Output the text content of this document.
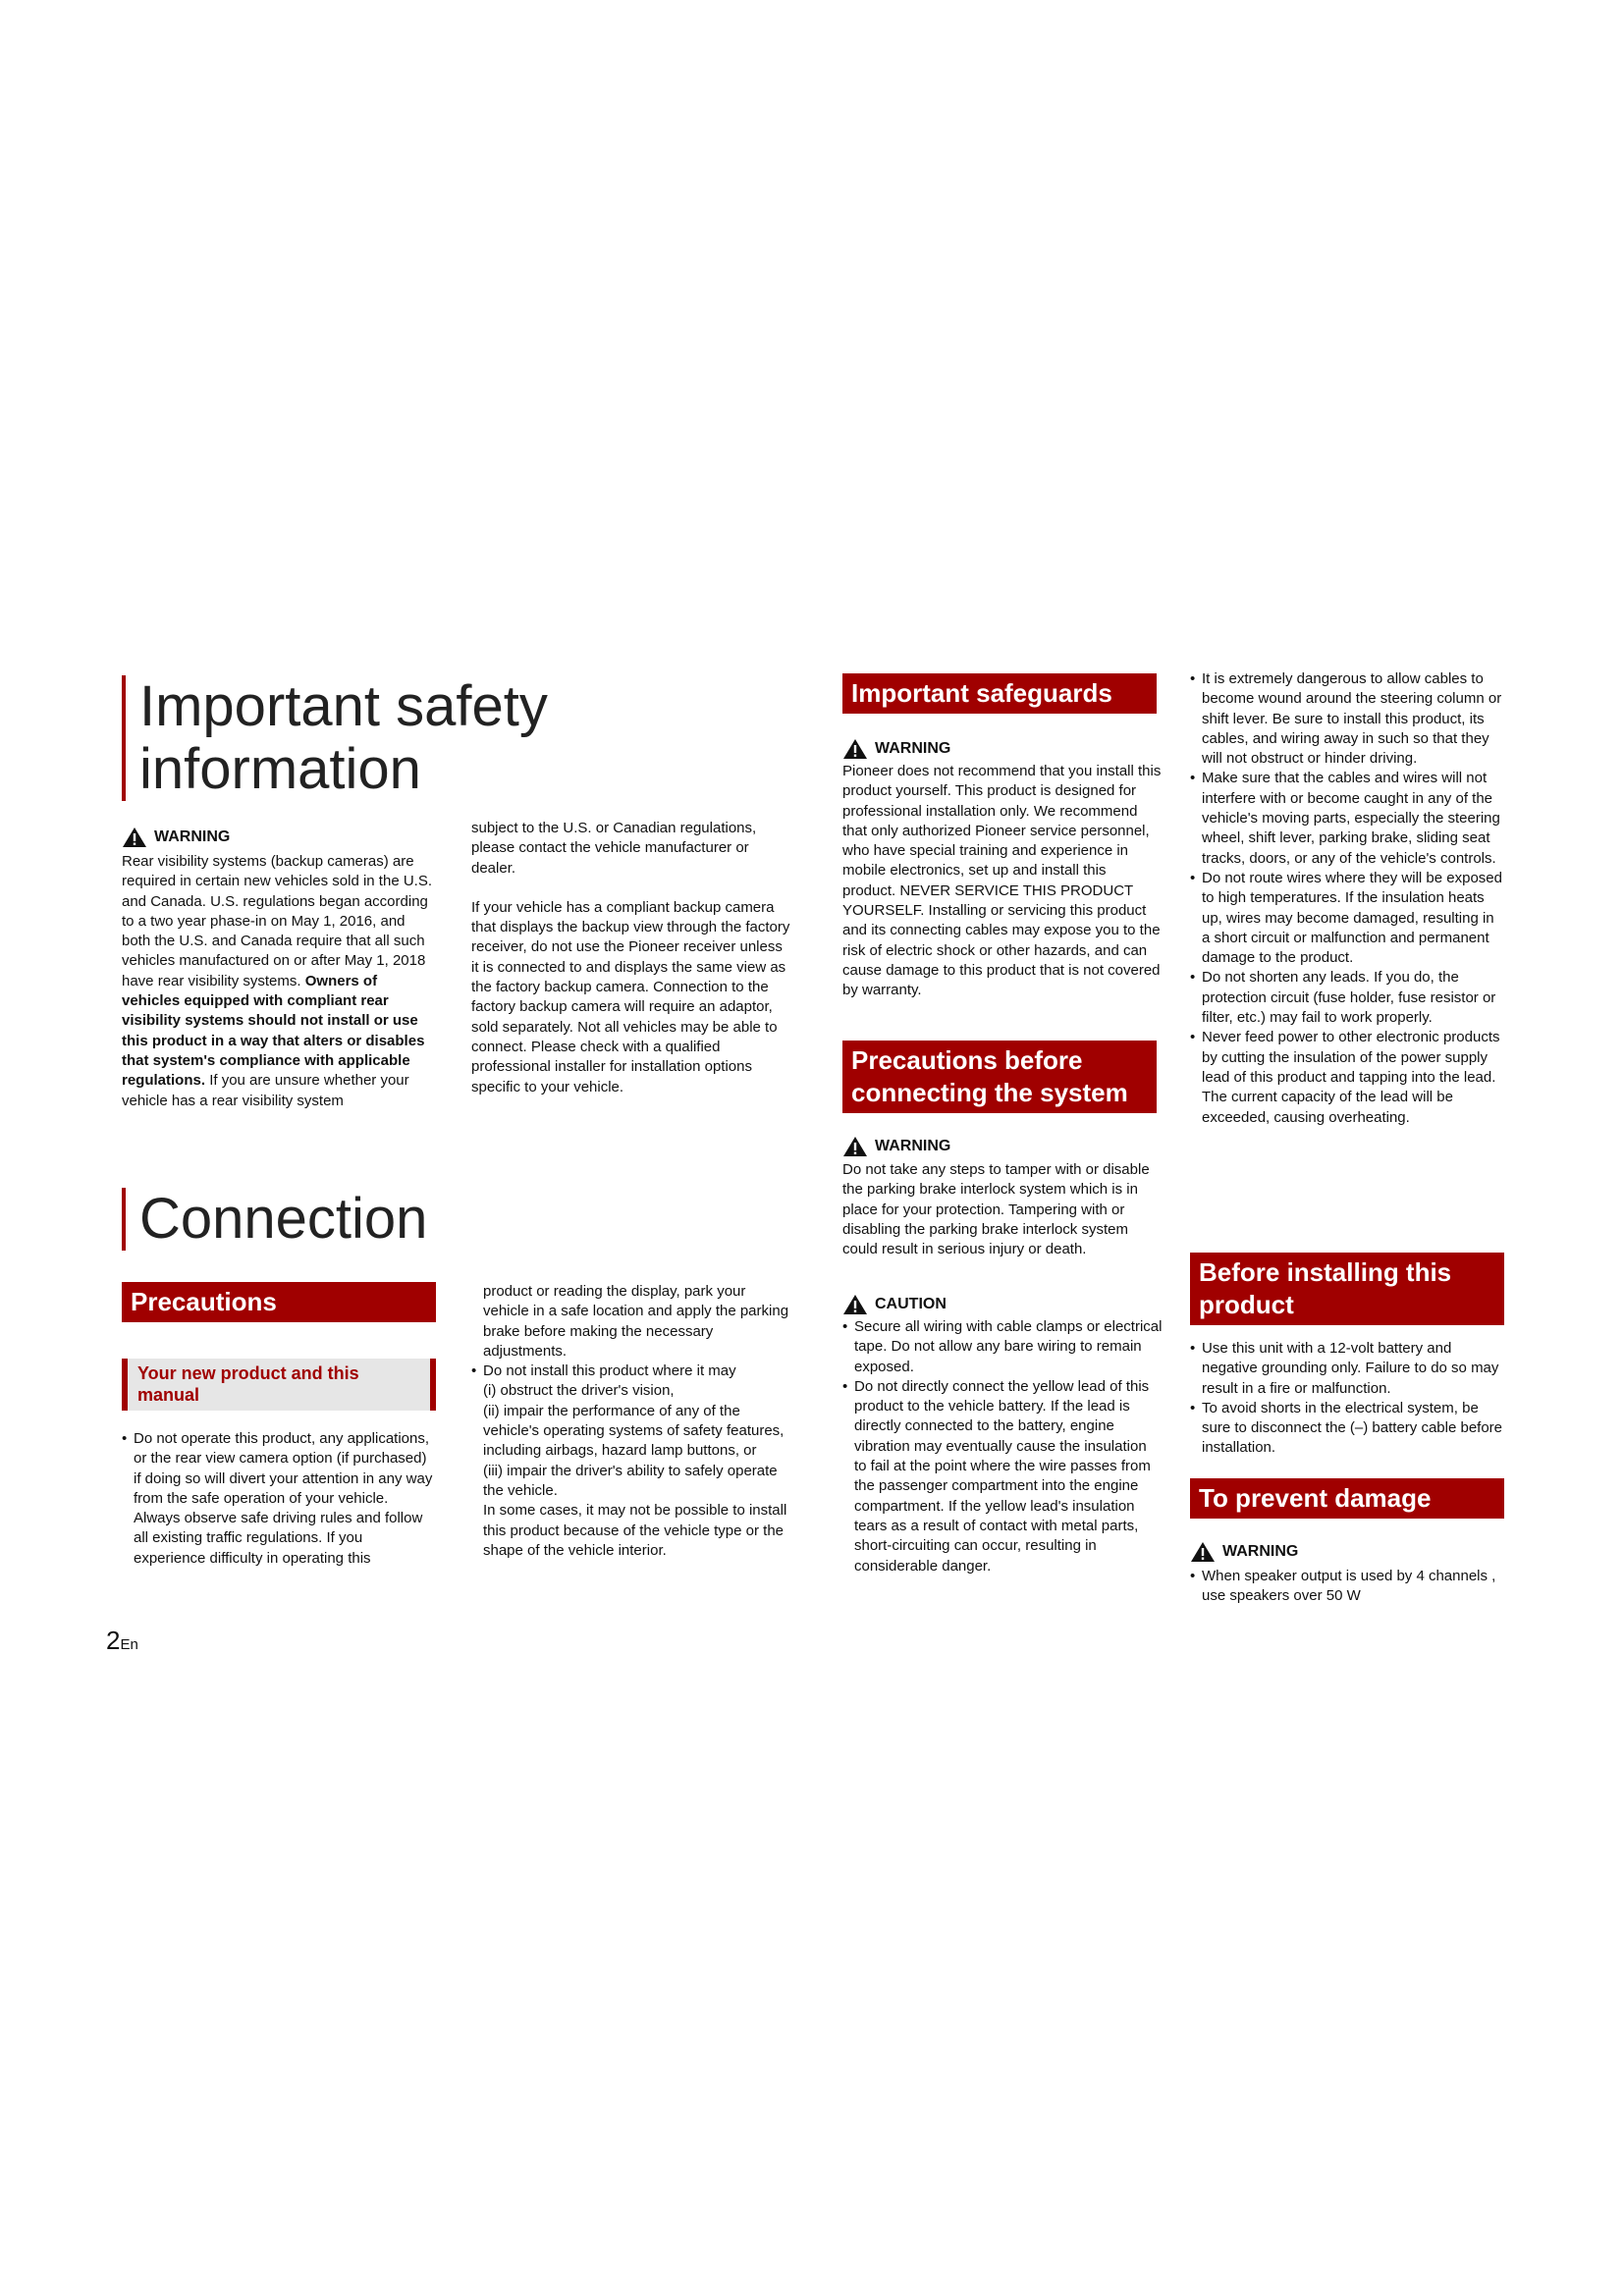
Important safety
information
WARNING

Rear visibility systems (backup cameras) are required in certain new vehicles sold in the U.S. and Canada. U.S. regulations began according to a two year phase-in on May 1, 2016, and both the U.S. and Canada require that all such vehicles manufactured on or after May 1, 2018 have rear visibility systems. Owners of vehicles equipped with compliant rear visibility systems should not install or use this product in a way that alters or disables that system's compliance with applicable regulations. If you are unsure whether your vehicle has a rear visibility system

subject to the U.S. or Canadian regulations, please contact the vehicle manufacturer or dealer.

If your vehicle has a compliant backup camera that displays the backup view through the factory receiver, do not use the Pioneer receiver unless it is connected to and displays the same view as the factory backup camera. Connection to the factory backup camera will require an adaptor, sold separately. Not all vehicles may be able to connect. Please check with a qualified professional installer for installation options specific to your vehicle.

Connection
Precautions
Your new product and this manual
• Do not operate this product, any applications, or the rear view camera option (if purchased) if doing so will divert your attention in any way from the safe operation of your vehicle. Always observe safe driving rules and follow all existing traffic regulations. If you experience difficulty in operating this

product or reading the display, park your vehicle in a safe location and apply the parking brake before making the necessary adjustments.

• Do not install this product where it may
(i) obstruct the driver's vision,
(ii) impair the performance of any of the vehicle's operating systems of safety features, including airbags, hazard lamp buttons, or
(iii) impair the driver's ability to safely operate the vehicle.
In some cases, it may not be possible to install this product because of the vehicle type or the shape of the vehicle interior.
Important safeguards
WARNING
Pioneer does not recommend that you install this product yourself. This product is designed for professional installation only. We recommend that only authorized Pioneer service personnel, who have special training and experience in mobile electronics, set up and install this product. NEVER SERVICE THIS PRODUCT YOURSELF. Installing or servicing this product and its connecting cables may expose you to the risk of electric shock or other hazards, and can cause damage to this product that is not covered by warranty.
Precautions before
connecting the system
WARNING
Do not take any steps to tamper with or disable the parking brake interlock system which is in place for your protection. Tampering with or disabling the parking brake interlock system could result in serious injury or death.
CAUTION
• Secure all wiring with cable clamps or electrical tape. Do not allow any bare wiring to remain exposed.
• Do not directly connect the yellow lead of this product to the vehicle battery. If the lead is directly connected to the battery, engine vibration may eventually cause the insulation to fail at the point where the wire passes from the passenger compartment into the engine compartment. If the yellow lead's insulation tears as a result of contact with metal parts, short-circuiting can occur, resulting in considerable danger.
• It is extremely dangerous to allow cables to become wound around the steering column or shift lever. Be sure to install this product, its cables, and wiring away in such so that they will not obstruct or hinder driving.
• Make sure that the cables and wires will not interfere with or become caught in any of the vehicle's moving parts, especially the steering wheel, shift lever, parking brake, sliding seat tracks, doors, or any of the vehicle's controls.
• Do not route wires where they will be exposed to high temperatures. If the insulation heats up, wires may become damaged, resulting in a short circuit or malfunction and permanent damage to the product.
• Do not shorten any leads. If you do, the protection circuit (fuse holder, fuse resistor or filter, etc.) may fail to work properly.
• Never feed power to other electronic products by cutting the insulation of the power supply lead of this product and tapping into the lead. The current capacity of the lead will be exceeded, causing overheating.
Before installing this
product
• Use this unit with a 12-volt battery and negative grounding only. Failure to do so may result in a fire or malfunction.
• To avoid shorts in the electrical system, be sure to disconnect the (–) battery cable before installation.
To prevent damage
WARNING
• When speaker output is used by 4 channels , use speakers over 50 W
2En
